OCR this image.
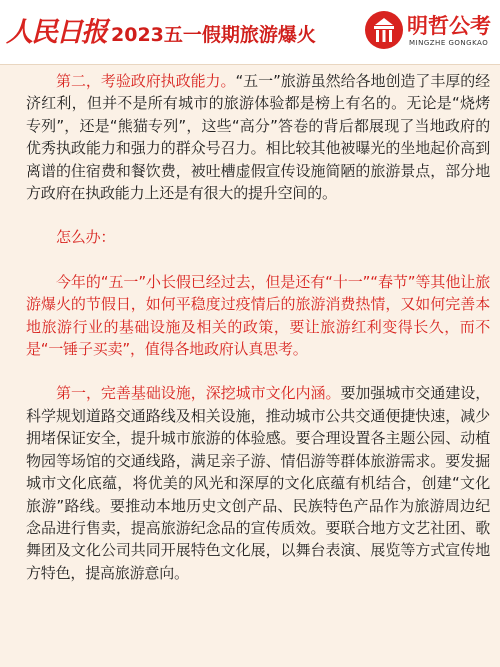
人民日报 2023五一假期旅游爆火	明哲公考
MINGZHE GONGKAO

第二，考验政府执政能力。“五一”旅游虽然给各地创造了丰厚的经济红利，但并不是所有城市的旅游体验都是榜上有名的。无论是“烧烤专列”，还是“熊猫专列”，这些“高分”答卷的背后都展现了当地政府的优秀执政能力和强力的群众号召力。相比较其他被曝光的坐地起价高到离谱的住宿费和餐饮费，被吐槽虚假宣传设施简陋的旅游景点，部分地方政府在执政能力上还是有很大的提升空间的。

怎么办：

今年的“五一”小长假已经过去，但是还有“十一”“春节”等其他让旅游爆火的节假日，如何平稳度过疫情后的旅游消费热情，又如何完善本地旅游行业的基础设施及相关的政策，要让旅游红利变得长久，而不是“一锤子买卖”，值得各地政府认真思考。

第一，完善基础设施，深挖城市文化内涵。要加强城市交通建设，科学规划道路交通路线及相关设施，推动城市公共交通便捷快速，减少拥堵保证安全，提升城市旅游的体验感。要合理设置各主题公园、动植物园等场馆的交通线路，满足亲子游、情侣游等群体旅游需求。要发掘城市文化底蕴，将优美的风光和深厚的文化底蕴有机结合，创建“文化旅游”路线。要推动本地历史文创产品、民族特色产品作为旅游周边纪念品进行售卖，提高旅游纪念品的宣传质效。要联合地方文艺社团、歌舞团及文化公司共同开展特色文化展，以舞台表演、展览等方式宣传地方特色，提高旅游意向。
